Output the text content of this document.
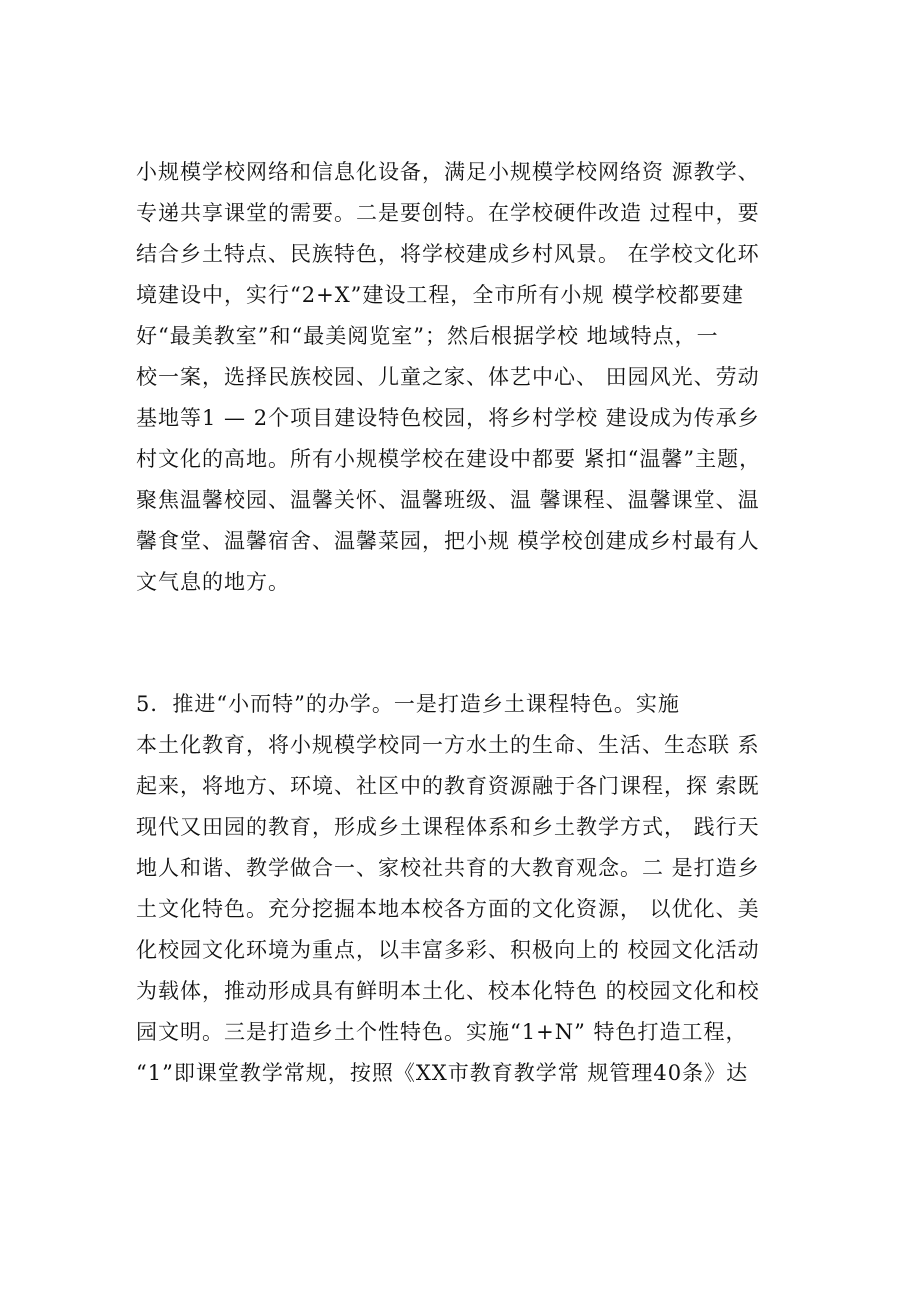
小规模学校网络和信息化设备，满足小规模学校网络资 源教学、
专递共享课堂的需要。二是要创特。在学校硬件改造 过程中，要
结合乡土特点、民族特色，将学校建成乡村风景。 在学校文化环
境建设中，实行“2+X”建设工程，全市所有小规 模学校都要建
好“最美教室”和“最美阅览室”；然后根据学校 地域特点，一
校一案，选择民族校园、儿童之家、体艺中心、 田园风光、劳动
基地等1 — 2个项目建设特色校园，将乡村学校 建设成为传承乡
村文化的高地。所有小规模学校在建设中都要 紧扣“温馨”主题，
聚焦温馨校园、温馨关怀、温馨班级、温 馨课程、温馨课堂、温
馨食堂、温馨宿舍、温馨菜园，把小规 模学校创建成乡村最有人
文气息的地方。
5．推进“小而特”的办学。一是打造乡土课程特色。实施
本土化教育，将小规模学校同一方水土的生命、生活、生态联 系
起来，将地方、环境、社区中的教育资源融于各门课程，探 索既
现代又田园的教育，形成乡土课程体系和乡土教学方式， 践行天
地人和谐、教学做合一、家校社共育的大教育观念。二 是打造乡
土文化特色。充分挖掘本地本校各方面的文化资源， 以优化、美
化校园文化环境为重点，以丰富多彩、积极向上的 校园文化活动
为载体，推动形成具有鲜明本土化、校本化特色 的校园文化和校
园文明。三是打造乡土个性特色。实施“1+N” 特色打造工程，
“1”即课堂教学常规，按照《XX市教育教学常 规管理40条》达
